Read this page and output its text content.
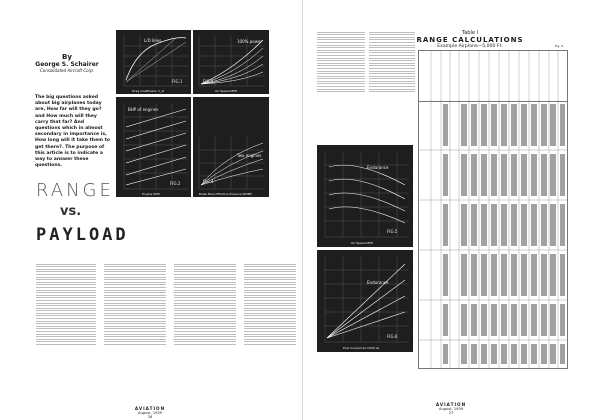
By
George S. Schairer
Consolidated Aircraft Corp.
The big questions asked about big airplanes today are, How far will they go? and How much will they carry that far? And questions which in almost secondary in importance is, How long will it take them to get there?. The purpose of this article is to indicate a way to answer these questions.
RANGE
vs.
PAYLOAD
L/D lines
FIG.1
Drag Coefficient, C_D
100% power
FIG.3
Air Speed MPH
BHP of engines
FIG.2
Engine RPM
Two engines
FIG.4
Brake Mean Effective Pressure (BMEP)
AVIATION
August, 1939
26
Endurance
FIG.5
Air Speed MPH
Endurance
FIG.6
Fuel Consumed 1000 Lb.
AVIATION
August, 1939
27
Table I
RANGE CALCULATIONS
Example Airplane—5,000 Ft.	Fig. 5
